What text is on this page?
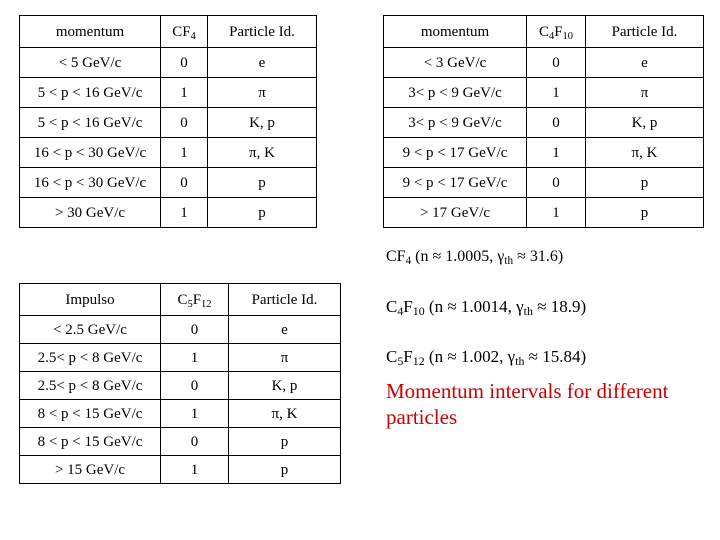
momentum	$CF_4$	Particle Id.
< 5 GeV/c	0	e
5 < p < 16 GeV/c	1	π
5 < p < 16 GeV/c	0	K, p
16 < p < 30 GeV/c	1	π, K
16 < p < 30 GeV/c	0	p
> 30 GeV/c	1	p
momentum	$C_4F_{10}$	Particle Id.
< 3 GeV/c	0	e
3< p < 9 GeV/c	1	π
3< p < 9 GeV/c	0	K, p
9 < p < 17 GeV/c	1	π, K
9 < p < 17 GeV/c	0	p
> 17 GeV/c	1	p
Impulso	$C_5F_{12}$	Particle Id.
< 2.5 GeV/c	0	e
2.5< p < 8 GeV/c	1	π
2.5< p < 8 GeV/c	0	K, p
8 < p < 15 GeV/c	1	π, K
8 < p < 15 GeV/c	0	p
> 15 GeV/c	1	p
$CF_4$ (n ≈ 1.0005, $\gamma_{th} \approx 31.6$)
$C_4F_{10}$ (n ≈ 1.0014, $\gamma_{th} \approx 18.9$)
$C_5F_{12}$ (n ≈ 1.002, $\gamma_{th} \approx 15.84$)
Momentum intervals for different particles
